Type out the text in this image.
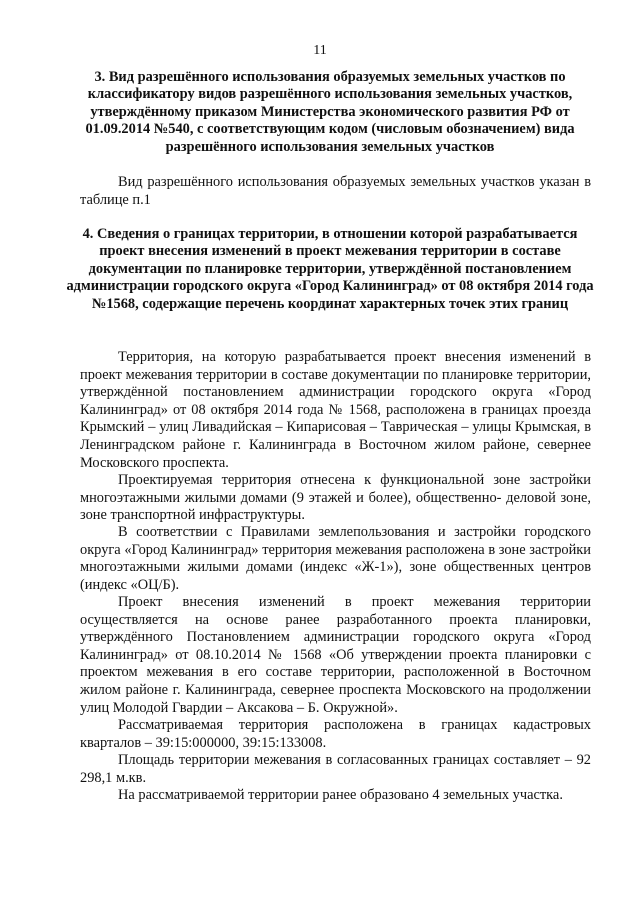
11
3. Вид разрешённого использования образуемых земельных участков по классификатору видов разрешённого использования земельных участков, утверждённому приказом Министерства экономического развития РФ от 01.09.2014 №540, с соответствующим кодом (числовым обозначением) вида разрешённого использования земельных участков

Вид разрешённого использования образуемых земельных участков указан в таблице п.1

4. Сведения о границах территории, в отношении которой разрабатывается проект внесения изменений в проект межевания территории в составе документации по планировке территории, утверждённой постановлением администрации городского округа «Город Калининград» от 08 октября 2014 года №1568, содержащие перечень координат характерных точек этих границ

Территория, на которую разрабатывается проект внесения изменений в проект межевания территории в составе документации по планировке территории, утверждённой постановлением администрации городского округа «Город Калининград» от 08 октября 2014 года № 1568, расположена в границах проезда Крымский – улиц Ливадийская – Кипарисовая – Таврическая – улицы Крымская, в Ленинградском районе г. Калининграда в Восточном жилом районе, севернее Московского проспекта.

Проектируемая территория отнесена к функциональной зоне застройки многоэтажными жилыми домами (9 этажей и более), общественно- деловой зоне, зоне транспортной инфраструктуры.

В соответствии с Правилами землепользования и застройки городского округа «Город Калининград» территория межевания расположена в зоне застройки многоэтажными жилыми домами (индекс «Ж-1»), зоне общественных центров (индекс «ОЦ/Б).

Проект внесения изменений в проект межевания территории осуществляется на основе ранее разработанного проекта планировки, утверждённого Постановлением администрации городского округа «Город Калининград» от 08.10.2014 № 1568 «Об утверждении проекта планировки с проектом межевания в его составе территории, расположенной в Восточном жилом районе г. Калининграда, севернее проспекта Московского на продолжении улиц Молодой Гвардии – Аксакова – Б. Окружной».

Рассматриваемая территория расположена в границах кадастровых кварталов – 39:15:000000, 39:15:133008.

Площадь территории межевания в согласованных границах составляет – 92 298,1 м.кв.

На рассматриваемой территории ранее образовано 4 земельных участка.
